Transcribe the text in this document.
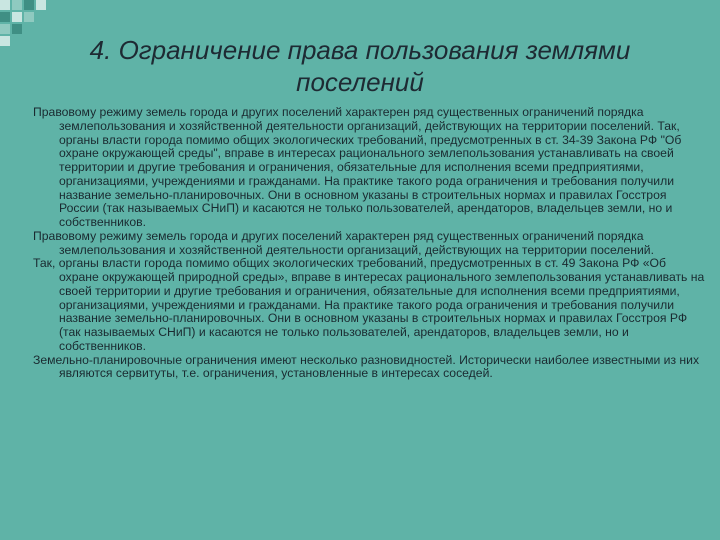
4. Ограничение права пользования землями
поселений

Правовому режиму земель города и других поселений характерен ряд существенных ограничений порядка землепользования и хозяйственной деятельности организаций, действующих на территории поселений. Так, органы власти города помимо общих экологических требований, предусмотренных в ст. 34-39 Закона РФ "Об охране окружающей среды", вправе в интересах рационального землепользования устанавливать на своей территории и другие требования и ограничения, обязательные для исполнения всеми предприятиями, организациями, учреждениями и гражданами. На практике такого рода ограничения и требования получили название земельно-планировочных. Они в основном указаны в строительных нормах и правилах Госстроя России (так называемых СНиП) и касаются не только пользователей, арендаторов, владельцев земли, но и собственников.

Правовому режиму земель города и других поселений характерен ряд существенных ограничений порядка землепользования и хозяйственной деятельности организаций, действующих на территории поселений.

Так, органы власти города помимо общих экологических требований, предусмотренных в ст. 49 Закона РФ «Об охране окружающей природной среды», вправе в интересах рационального землепользования устанавливать на своей территории и другие требования и ограничения, обязательные для исполнения всеми предприятиями, организациями, учреждениями и гражданами. На практике такого рода ограничения и требования получили название земельно-планировочных. Они в основном указаны в строительных нормах и правилах Госстроя РФ (так называемых СНиП) и касаются не только пользователей, арендаторов, владельцев земли, но и собственников.

Земельно-планировочные ограничения имеют несколько разновидностей. Исторически наиболее известными из них являются сервитуты, т.е. ограничения, установленные в интересах соседей.
